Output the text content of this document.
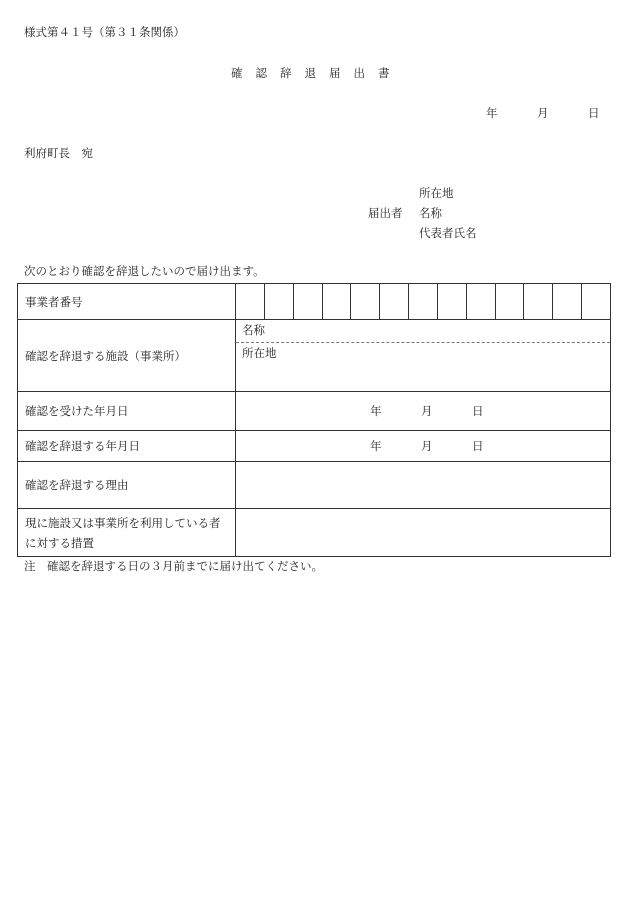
様式第４１号（第３１条関係）
確認辞退届出書
年	月	日
利府町長　宛
所在地
届出者 名称
代表者氏名
次のとおり確認を辞退したいので届け出ます。
事業者番号	

確認を辞退する施設（事業所）	名称
所在地

確認を受けた年月日	年 月 日

確認を辞退する年月日	年 月 日

確認を辞退する理由	
現に施設又は事業所を利用している者に対する措置	
注　確認を辞退する日の３月前までに届け出てください。
